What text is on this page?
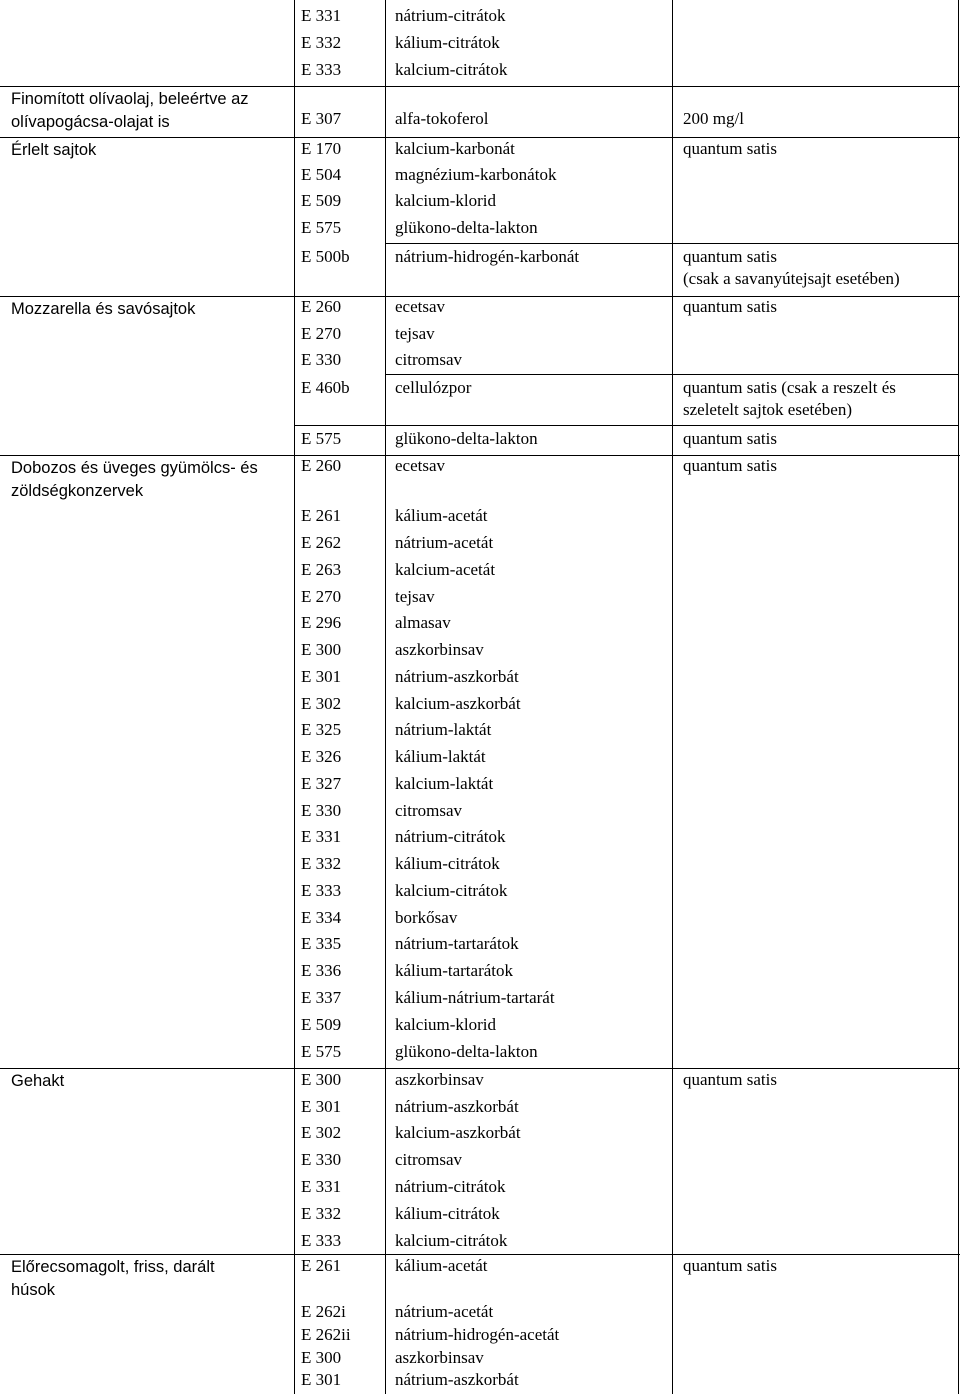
E 331	nátrium-citrátok
E 332	kálium-citrátok
E 333	kalcium-citrátok
Finomított olívaolaj, beleértve az
olívapogácsa-olajat is	E 307	alfa-tokoferol	200 mg/l
Érlelt sajtok	E 170	kalcium-karbonát	quantum satis
E 504	magnézium-karbonátok
E 509	kalcium-klorid
E 575	glükono-delta-lakton
E 500b	nátrium-hidrogén-karbonát	quantum satis
(csak a savanyútejsajt esetében)
Mozzarella és savósajtok	E 260	ecetsav	quantum satis
E 270	tejsav
E 330	citromsav
E 460b	cellulózpor	quantum satis (csak a reszelt és
szeletelt sajtok esetében)
E 575	glükono-delta-lakton	quantum satis
Dobozos és üveges gyümölcs- és
zöldségkonzervek
E 260	ecetsav	quantum satis
E 261	kálium-acetát
E 262	nátrium-acetát
E 263	kalcium-acetát
E 270	tejsav
E 296	almasav
E 300	aszkorbinsav
E 301	nátrium-aszkorbát
E 302	kalcium-aszkorbát
E 325	nátrium-laktát
E 326	kálium-laktát
E 327	kalcium-laktát
E 330	citromsav
E 331	nátrium-citrátok
E 332	kálium-citrátok
E 333	kalcium-citrátok
E 334	borkősav
E 335	nátrium-tartarátok
E 336	kálium-tartarátok
E 337	kálium-nátrium-tartarát
E 509	kalcium-klorid
E 575	glükono-delta-lakton
Gehakt	E 300	aszkorbinsav	quantum satis
E 301	nátrium-aszkorbát
E 302	kalcium-aszkorbát
E 330	citromsav
E 331	nátrium-citrátok
E 332	kálium-citrátok
E 333	kalcium-citrátok
Előrecsomagolt, friss, darált
húsok
E 261	kálium-acetát	quantum satis
E 262i	nátrium-acetát
E 262ii	nátrium-hidrogén-acetát
E 300	aszkorbinsav
E 301	nátrium-aszkorbát
